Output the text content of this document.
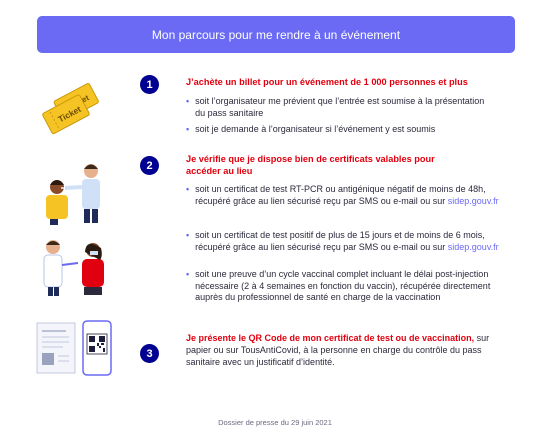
Mon parcours pour me rendre à un événement
Ticket
1	J’achète un billet pour un événement de 1 000 personnes et plus
• soit l’organisateur me prévient que l’entrée est soumise à la présentation du pass sanitaire
• soit je demande à l’organisateur si l’événement y est soumis
2
Je vérifie que je dispose bien de certificats valables pour
accéder au lieu
• soit un certificat de test RT-PCR ou antigénique négatif de moins de 48h, récupéré grâce au lien sécurisé reçu par SMS ou e-mail ou sur sidep.gouv.fr
• soit un certificat de test positif de plus de 15 jours et de moins de 6 mois, récupéré grâce au lien sécurisé reçu par SMS ou e-mail ou sur sidep.gouv.fr
• soit une preuve d’un cycle vaccinal complet incluant le délai post-injection nécessaire (2 à 4 semaines en fonction du vaccin), récupérée directement auprès du professionnel de santé en charge de la vaccination
3
Je présente le QR Code de mon certificat de test ou de vaccination, sur papier ou sur TousAntiCovid, à la personne en charge du contrôle du pass sanitaire avec un justificatif d’identité.
Dossier de presse du 29 juin 2021
